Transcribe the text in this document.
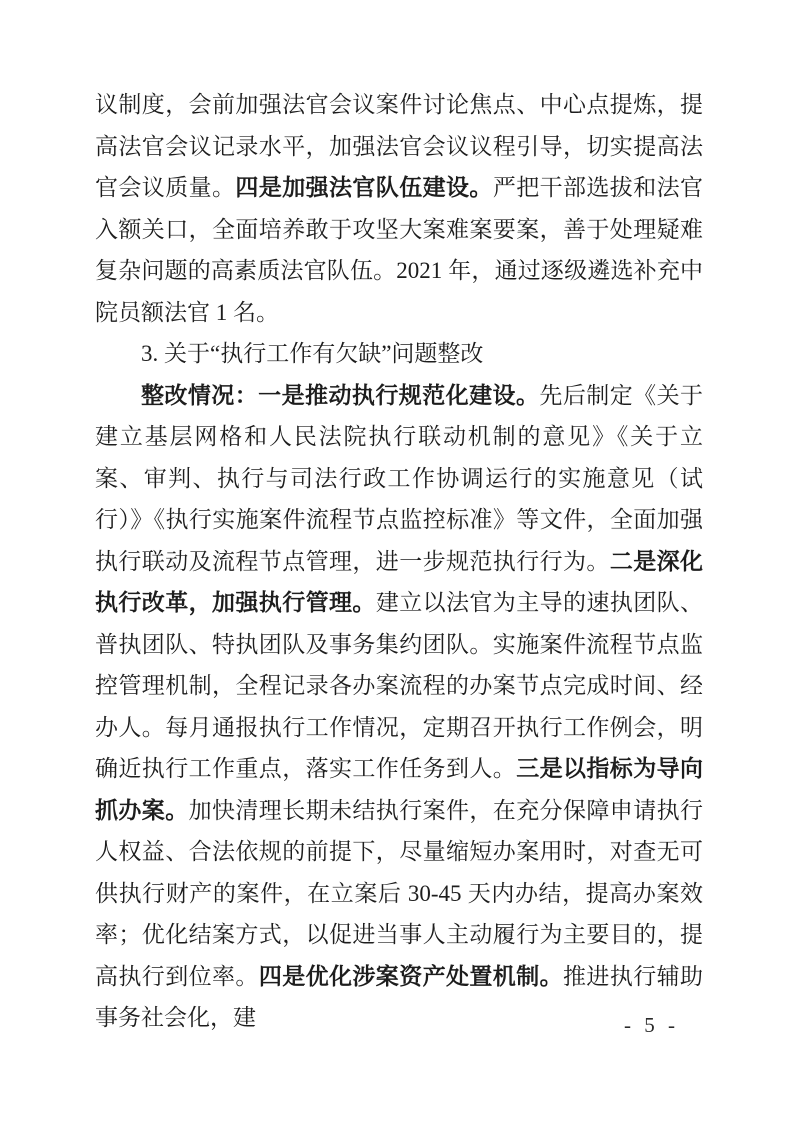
议制度，会前加强法官会议案件讨论焦点、中心点提炼，提高法官会议记录水平，加强法官会议议程引导，切实提高法官会议质量。四是加强法官队伍建设。严把干部选拔和法官入额关口，全面培养敢于攻坚大案难案要案，善于处理疑难复杂问题的高素质法官队伍。2021 年，通过逐级遴选补充中院员额法官 1 名。

3. 关于“执行工作有欠缺”问题整改

整改情况：一是推动执行规范化建设。先后制定《关于建立基层网格和人民法院执行联动机制的意见》《关于立案、审判、执行与司法行政工作协调运行的实施意见（试行）》《执行实施案件流程节点监控标准》等文件，全面加强执行联动及流程节点管理，进一步规范执行行为。二是深化执行改革，加强执行管理。建立以法官为主导的速执团队、普执团队、特执团队及事务集约团队。实施案件流程节点监控管理机制，全程记录各办案流程的办案节点完成时间、经办人。每月通报执行工作情况，定期召开执行工作例会，明确近执行工作重点，落实工作任务到人。三是以指标为导向抓办案。加快清理长期未结执行案件，在充分保障申请执行人权益、合法依规的前提下，尽量缩短办案用时，对查无可供执行财产的案件，在立案后 30-45 天内办结，提高办案效率；优化结案方式，以促进当事人主动履行为主要目的，提高执行到位率。四是优化涉案资产处置机制。推进执行辅助事务社会化，建	- 5 -
